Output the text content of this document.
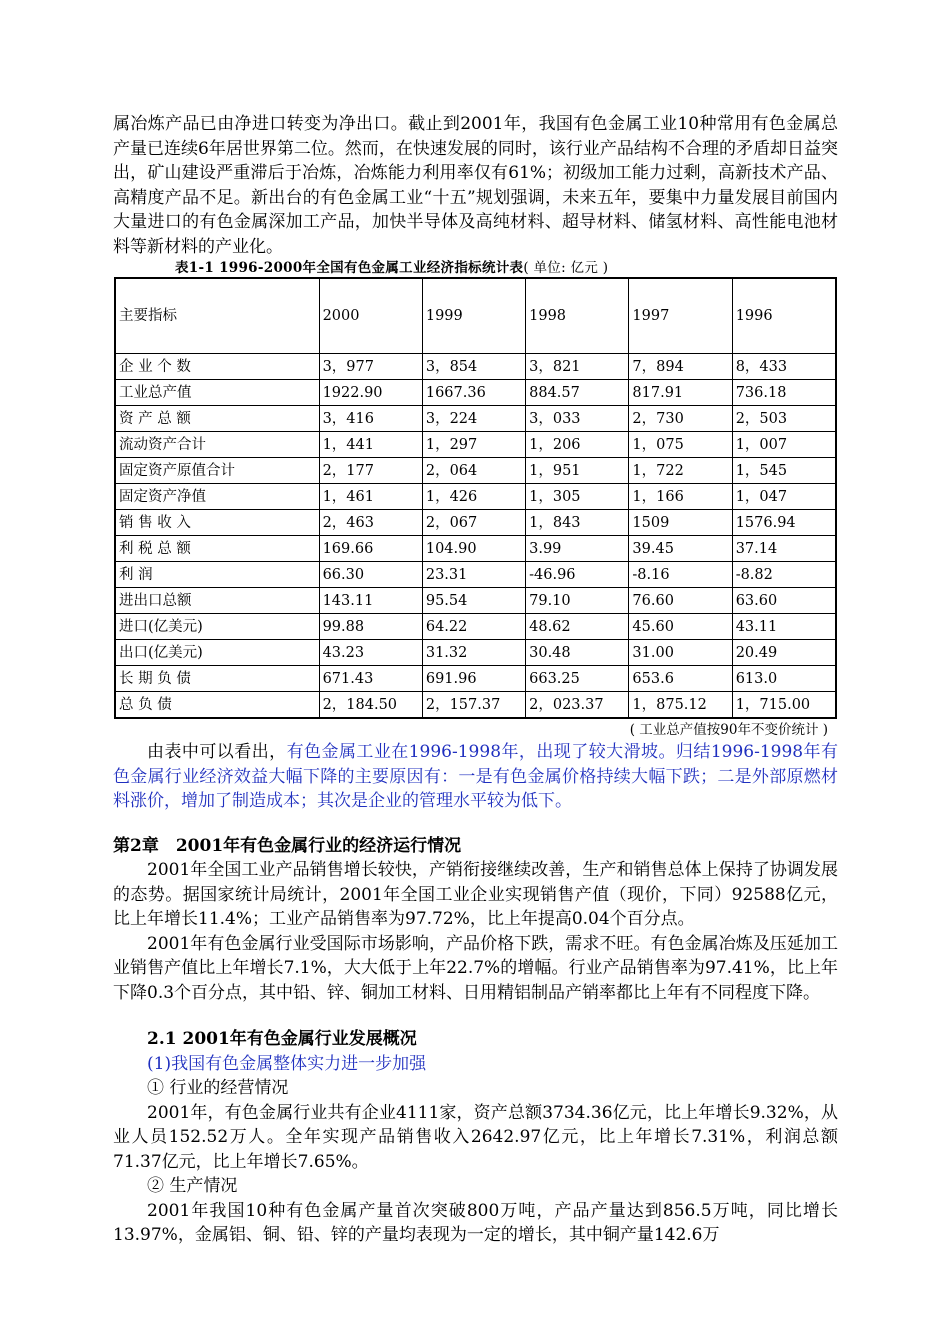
属冶炼产品已由净进口转变为净出口。截止到2001年，我国有色金属工业10种常用有色金属总产量已连续6年居世界第二位。然而，在快速发展的同时，该行业产品结构不合理的矛盾却日益突出，矿山建设严重滞后于冶炼，冶炼能力利用率仅有61%；初级加工能力过剩，高新技术产品、高精度产品不足。新出台的有色金属工业“十五”规划强调，未来五年，要集中力量发展目前国内大量进口的有色金属深加工产品，加快半导体及高纯材料、超导材料、储氢材料、高性能电池材料等新材料的产业化。

表1-1 1996-2000年全国有色金属工业经济指标统计表( 单位: 亿元 )
主要指标	2000	1999	1998	1997	1996
企 业 个 数	3，977	3，854	3，821	7，894	8，433
工业总产值	1922.90	1667.36	884.57	817.91	736.18
资 产 总 额	3，416	3，224	3，033	2，730	2，503
流动资产合计	1，441	1，297	1，206	1，075	1，007
固定资产原值合计	2，177	2，064	1，951	1，722	1，545
固定资产净值	1，461	1，426	1，305	1，166	1，047
销 售 收 入	2，463	2，067	1，843	1509	1576.94
利 税 总 额	169.66	104.90	3.99	39.45	37.14
利 润	66.30	23.31	-46.96	-8.16	-8.82
进出口总额	143.11	95.54	79.10	76.60	63.60
进口(亿美元)	99.88	64.22	48.62	45.60	43.11
出口(亿美元)	43.23	31.32	30.48	31.00	20.49
长 期 负 债	671.43	691.96	663.25	653.6	613.0
总 负 债	2，184.50	2，157.37	2，023.37	1，875.12	1，715.00
( 工业总产值按90年不变价统计 )

由表中可以看出，有色金属工业在1996-1998年，出现了较大滑坡。归结1996-1998年有色金属行业经济效益大幅下降的主要原因有：一是有色金属价格持续大幅下跌；二是外部原燃材料涨价，增加了制造成本；其次是企业的管理水平较为低下。

第2章　2001年有色金属行业的经济运行情况

2001年全国工业产品销售增长较快，产销衔接继续改善，生产和销售总体上保持了协调发展的态势。据国家统计局统计，2001年全国工业企业实现销售产值（现价，下同）92588亿元，比上年增长11.4%；工业产品销售率为97.72%，比上年提高0.04个百分点。

2001年有色金属行业受国际市场影响，产品价格下跌，需求不旺。有色金属冶炼及压延加工业销售产值比上年增长7.1%，大大低于上年22.7%的增幅。行业产品销售率为97.41%，比上年下降0.3个百分点，其中铅、锌、铜加工材料、日用精铝制品产销率都比上年有不同程度下降。

2.1 2001年有色金属行业发展概况

(1)我国有色金属整体实力进一步加强

① 行业的经营情况

2001年，有色金属行业共有企业4111家，资产总额3734.36亿元，比上年增长9.32%，从业人员152.52万人。全年实现产品销售收入2642.97亿元，比上年增长7.31%，利润总额71.37亿元，比上年增长7.65%。

② 生产情况

2001年我国10种有色金属产量首次突破800万吨，产品产量达到856.5万吨，同比增长13.97%，金属铝、铜、铅、锌的产量均表现为一定的增长，其中铜产量142.6万
